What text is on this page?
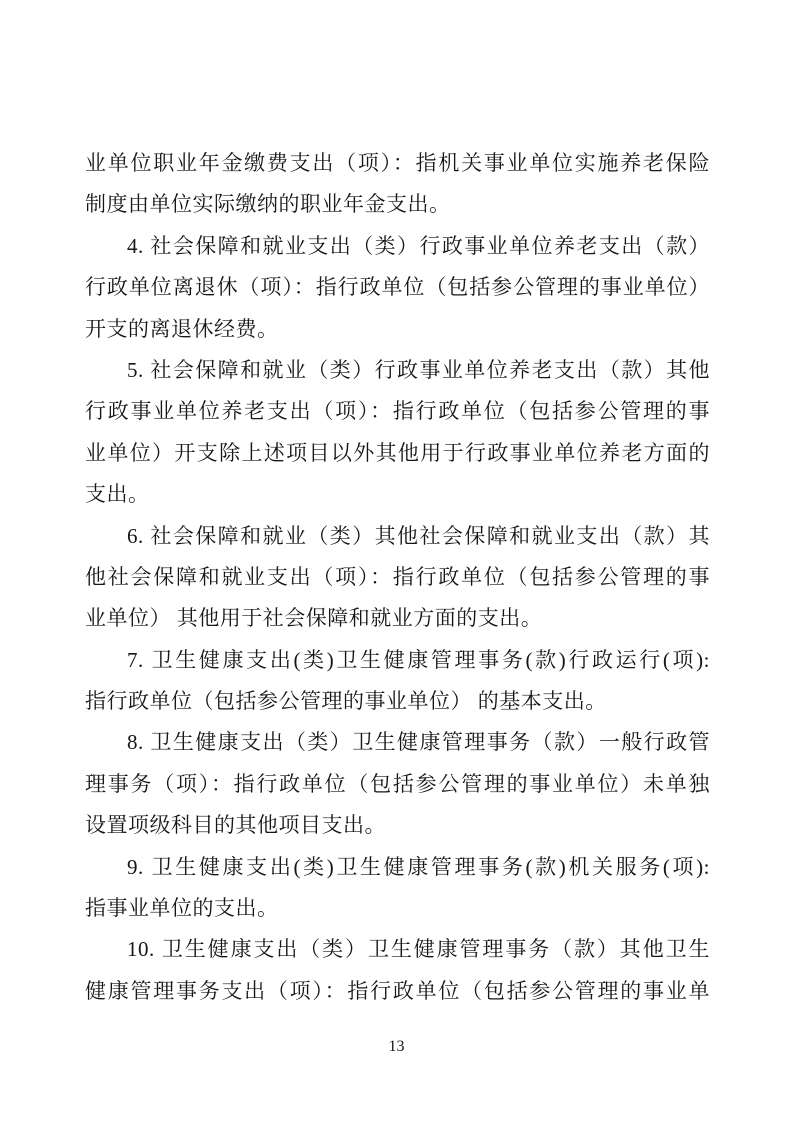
业单位职业年金缴费支出（项）：指机关事业单位实施养老保险
制度由单位实际缴纳的职业年金支出。
4. 社会保障和就业支出（类）行政事业单位养老支出（款）
行政单位离退休（项）：指行政单位（包括参公管理的事业单位）
开支的离退休经费。
5. 社会保障和就业（类）行政事业单位养老支出（款）其他
行政事业单位养老支出（项）：指行政单位（包括参公管理的事
业单位）开支除上述项目以外其他用于行政事业单位养老方面的
支出。
6. 社会保障和就业（类）其他社会保障和就业支出（款）其
他社会保障和就业支出（项）：指行政单位（包括参公管理的事
业单位） 其他用于社会保障和就业方面的支出。
7. 卫生健康支出(类)卫生健康管理事务(款)行政运行(项):
指行政单位（包括参公管理的事业单位） 的基本支出。
8. 卫生健康支出（类）卫生健康管理事务（款）一般行政管
理事务（项）：指行政单位（包括参公管理的事业单位）未单独
设置项级科目的其他项目支出。
9. 卫生健康支出(类)卫生健康管理事务(款)机关服务(项):
指事业单位的支出。
10. 卫生健康支出（类）卫生健康管理事务（款）其他卫生
健康管理事务支出（项）：指行政单位（包括参公管理的事业单
13
